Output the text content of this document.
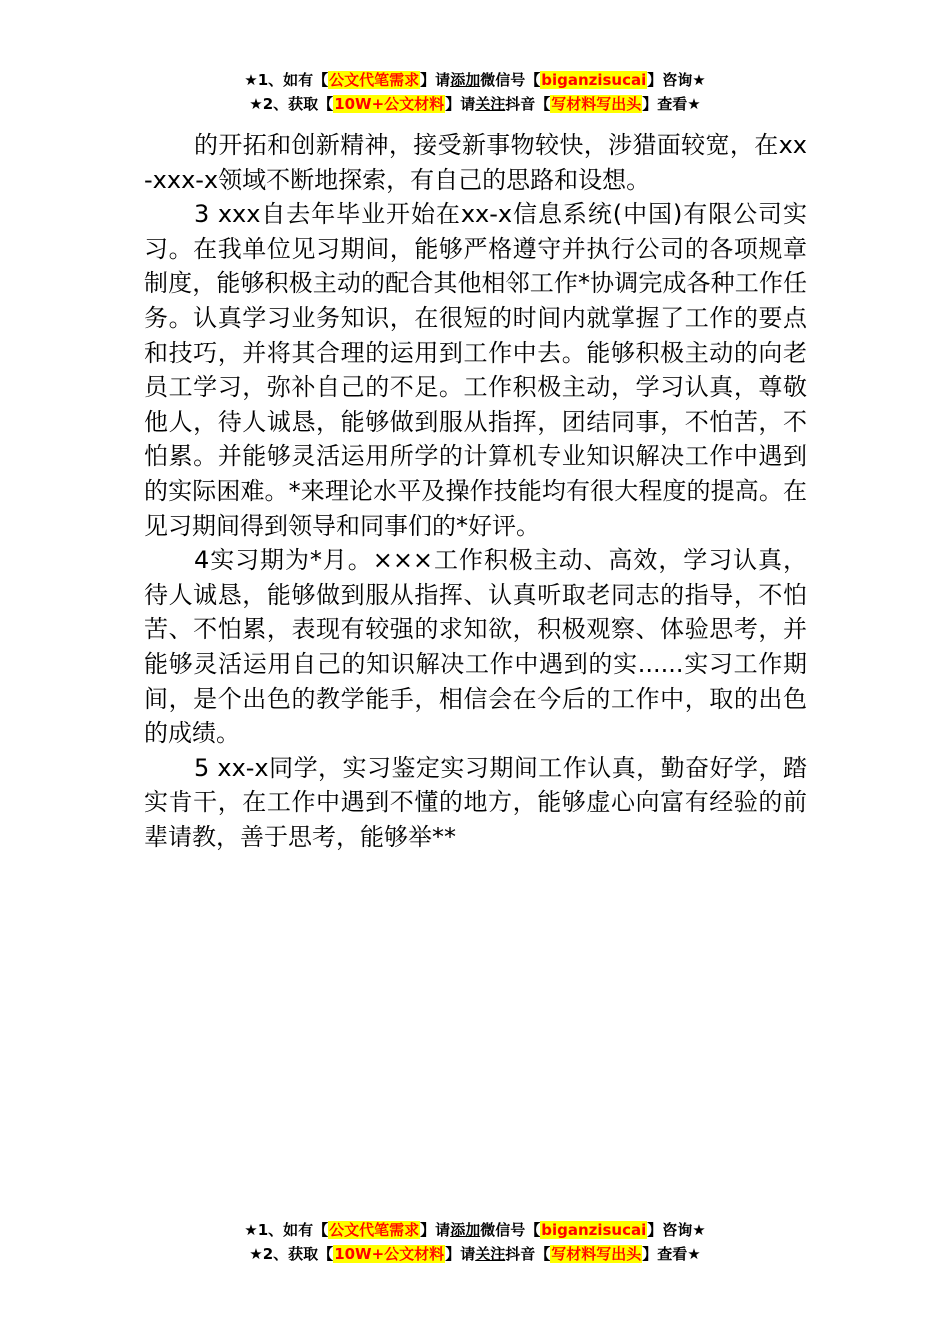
★1、如有【公文代笔需求】请添加微信号【biganzisucai】咨询★
★2、获取【10W+公文材料】请关注抖音【写材料写出头】查看★

的开拓和创新精神，接受新事物较快，涉猎面较宽，在xx-xxx-x领域不断地探索，有自己的思路和设想。

3 xxx自去年毕业开始在xx-x信息系统(中国)有限公司实习。在我单位见习期间，能够严格遵守并执行公司的各项规章制度，能够积极主动的配合其他相邻工作*协调完成各种工作任务。认真学习业务知识，在很短的时间内就掌握了工作的要点和技巧，并将其合理的运用到工作中去。能够积极主动的向老员工学习，弥补自己的不足。工作积极主动，学习认真，尊敬他人，待人诚恳，能够做到服从指挥，团结同事，不怕苦，不怕累。并能够灵活运用所学的计算机专业知识解决工作中遇到的实际困难。*来理论水平及操作技能均有很大程度的提高。在见习期间得到领导和同事们的*好评。

4实习期为*月。×××工作积极主动、高效，学习认真，待人诚恳，能够做到服从指挥、认真听取老同志的指导，不怕苦、不怕累，表现有较强的求知欲，积极观察、体验思考，并能够灵活运用自己的知识解决工作中遇到的实......实习工作期间，是个出色的教学能手，相信会在今后的工作中，取的出色的成绩。

5 xx-x同学，实习鉴定实习期间工作认真，勤奋好学，踏实肯干，在工作中遇到不懂的地方，能够虚心向富有经验的前辈请教，善于思考，能够举**

★1、如有【公文代笔需求】请添加微信号【biganzisucai】咨询★
★2、获取【10W+公文材料】请关注抖音【写材料写出头】查看★
